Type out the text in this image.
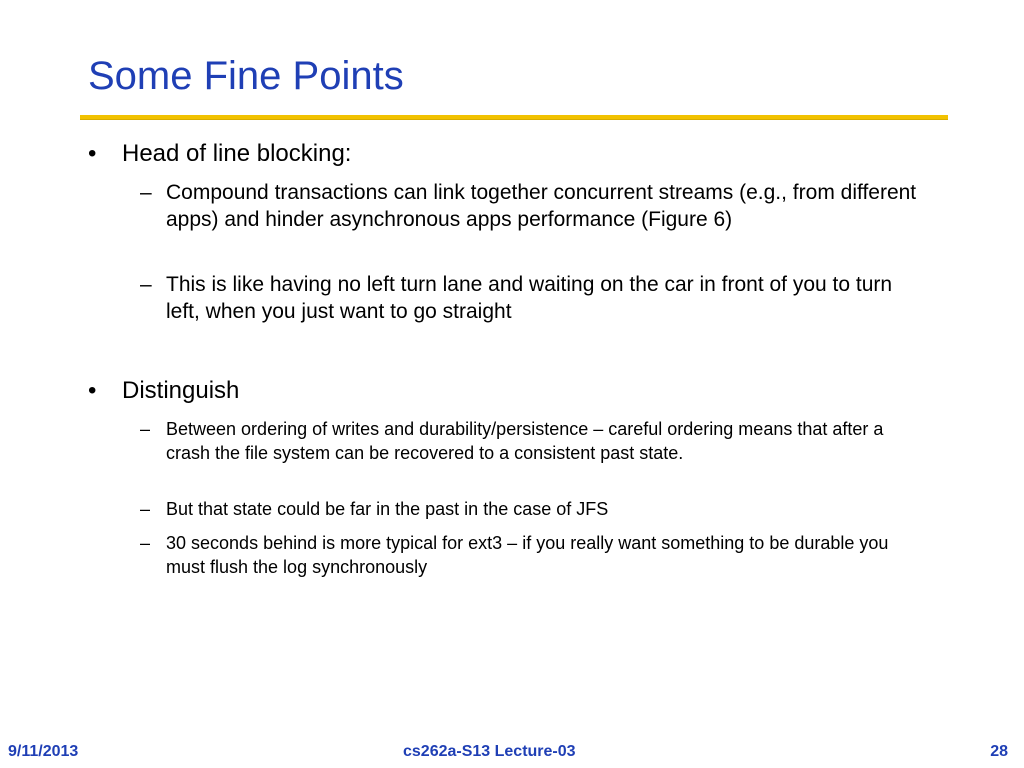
Some Fine Points
•	Head of line blocking:
– Compound transactions can link together concurrent streams (e.g., from different apps) and hinder asynchronous apps performance (Figure 6)
– This is like having no left turn lane and waiting on the car in front of you to turn left, when you just want to go straight
•	Distinguish
– Between ordering of writes and durability/persistence – careful ordering means that after a crash the file system can be recovered to a consistent past state.
– But that state could be far in the past in the case of JFS
– 30 seconds behind is more typical for ext3 – if you really want something to be durable you must flush the log synchronously
9/11/2013	cs262a-S13 Lecture-03	28
